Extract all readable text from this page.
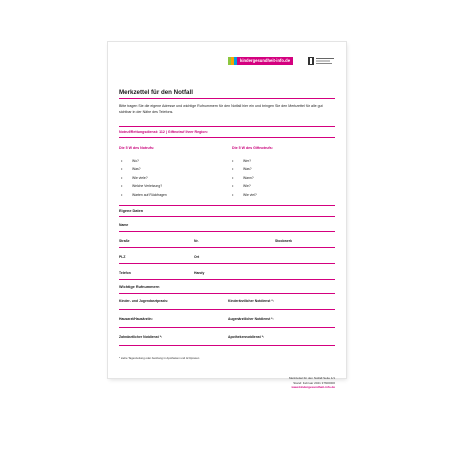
kindergesundheit-info.de
Merkzettel für den Notfall

Bitte tragen Sie die eigene Adresse und wichtige Rufnummern für den Notfall hier ein und bringen Sie den Merkzettel für alle gut sichtbar in der Nähe des Telefons.

Notruf/Rettungsdienst: 112 | Giftnotruf Ihrer Region:
Die 5 W des Notrufs:	Die 5 W des Giftnotrufs:
• Wo?
• Was?
• Wie viele?
• Welche Verletzung?
• Warten auf Rückfragen
• Wer?
• Was?
• Wann?
• Wie?
• Wie viel?
Eigene Daten
Name
Straße	Nr.	Stockwerk
PLZ	Ort
Telefon	Handy
Wichtige Rufnummern
Kinder- und Jugendarztpraxis:	Kinderärztlicher Notdienst *:
Hausarzt/Hausärztin:	Augenärztlicher Notdienst *:
Zahnärztlicher Notdienst *:	Apothekennotdienst *:
* siehe Tageszeitung oder Aushang in Apotheken und Arztpraxen
Merkzettel für den Notfall Seite 1/1
Stand: Februar 2021 37600000
www.kindergesundheit-info.de
